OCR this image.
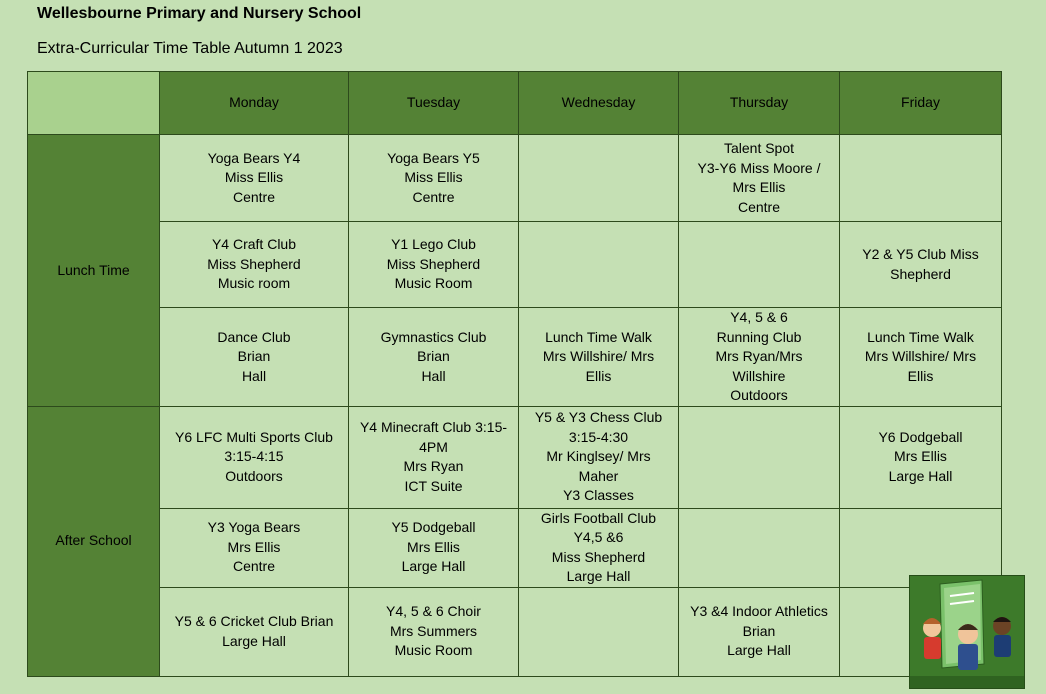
Wellesbourne Primary and Nursery School
Extra-Curricular Time Table Autumn 1 2023
	Monday	Tuesday	Wednesday	Thursday	Friday
Lunch Time	Yoga Bears Y4
Miss Ellis
Centre	Yoga Bears Y5
Miss Ellis
Centre		Talent Spot
Y3-Y6 Miss Moore /
Mrs Ellis
Centre	

	Y4 Craft Club
Miss Shepherd
Music room	Y1 Lego Club
Miss Shepherd
Music Room			Y2 & Y5 Club Miss
Shepherd

	Dance Club
Brian
Hall	Gymnastics Club
Brian
Hall	Lunch Time Walk
Mrs Willshire/ Mrs
Ellis	Y4, 5 & 6
Running Club
Mrs Ryan/Mrs
Willshire
Outdoors	Lunch Time Walk
Mrs Willshire/ Mrs
Ellis

After School	Y6 LFC Multi Sports Club
3:15-4:15
Outdoors	Y4 Minecraft Club 3:15-
4PM
Mrs Ryan
ICT Suite	Y5 & Y3 Chess Club
3:15-4:30
Mr Kinglsey/ Mrs
Maher
Y3 Classes		Y6 Dodgeball
Mrs Ellis
Large Hall

	Y3 Yoga Bears
Mrs Ellis
Centre	Y5 Dodgeball
Mrs Ellis
Large Hall	Girls Football Club
Y4,5 &6
Miss Shepherd
Large Hall		

	Y5 & 6 Cricket Club Brian
Large Hall	Y4, 5 & 6 Choir
Mrs Summers
Music Room		Y3 &4 Indoor Athletics
Brian
Large Hall	
